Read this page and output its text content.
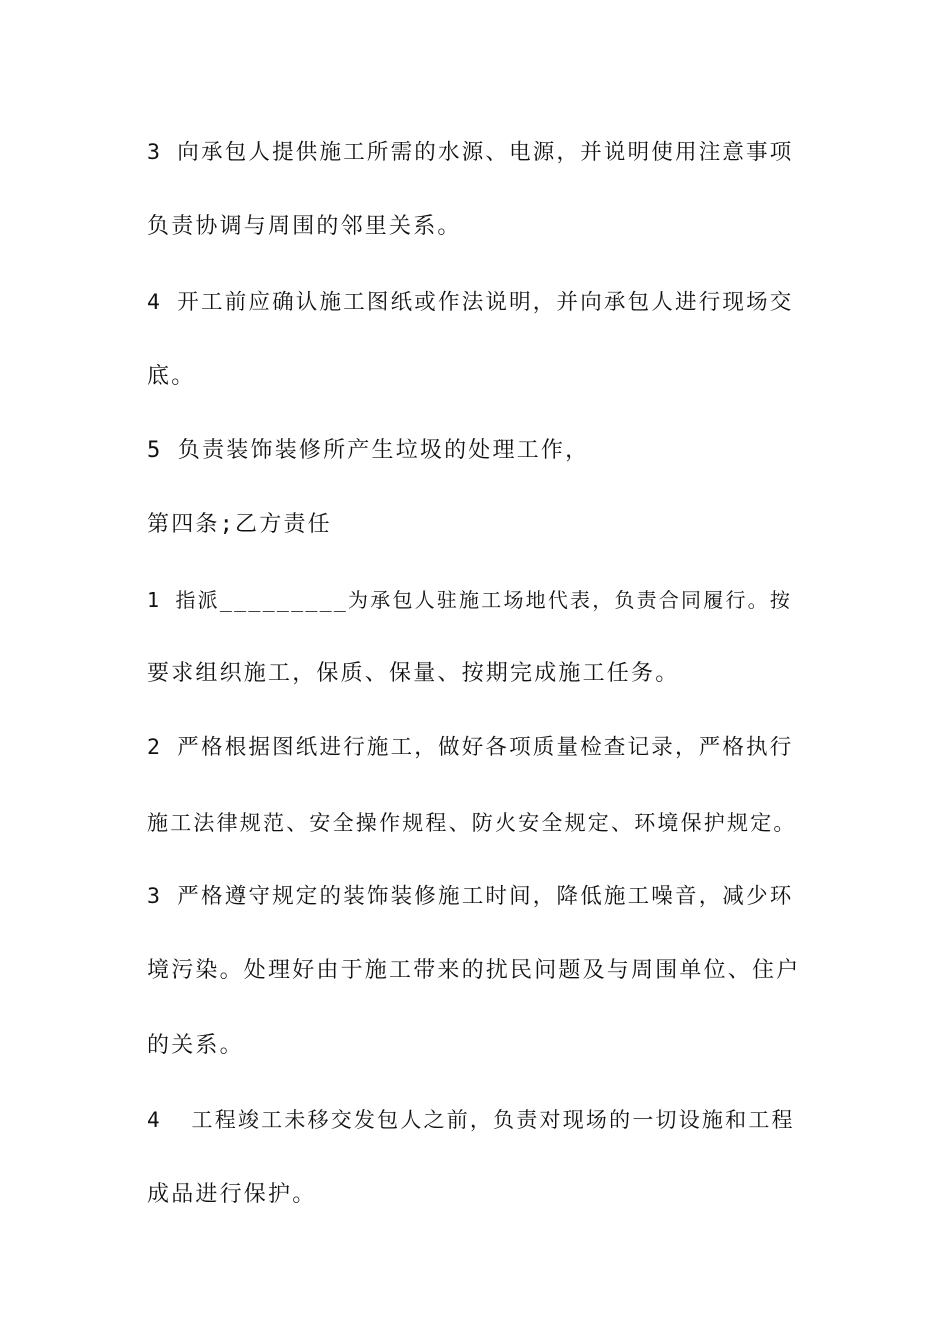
3 向承包人提供施工所需的水源、电源，并说明使用注意事项
负责协调与周围的邻里关系。
4 开工前应确认施工图纸或作法说明，并向承包人进行现场交
底。
5 负责装饰装修所产生垃圾的处理工作，
第四条;乙方责任
1 指派_________为承包人驻施工场地代表，负责合同履行。按
要求组织施工，保质、保量、按期完成施工任务。
2 严格根据图纸进行施工，做好各项质量检查记录，严格执行
施工法律规范、安全操作规程、防火安全规定、环境保护规定。
3 严格遵守规定的装饰装修施工时间，降低施工噪音，减少环
境污染。处理好由于施工带来的扰民问题及与周围单位、住户
的关系。
4  工程竣工未移交发包人之前，负责对现场的一切设施和工程
成品进行保护。
